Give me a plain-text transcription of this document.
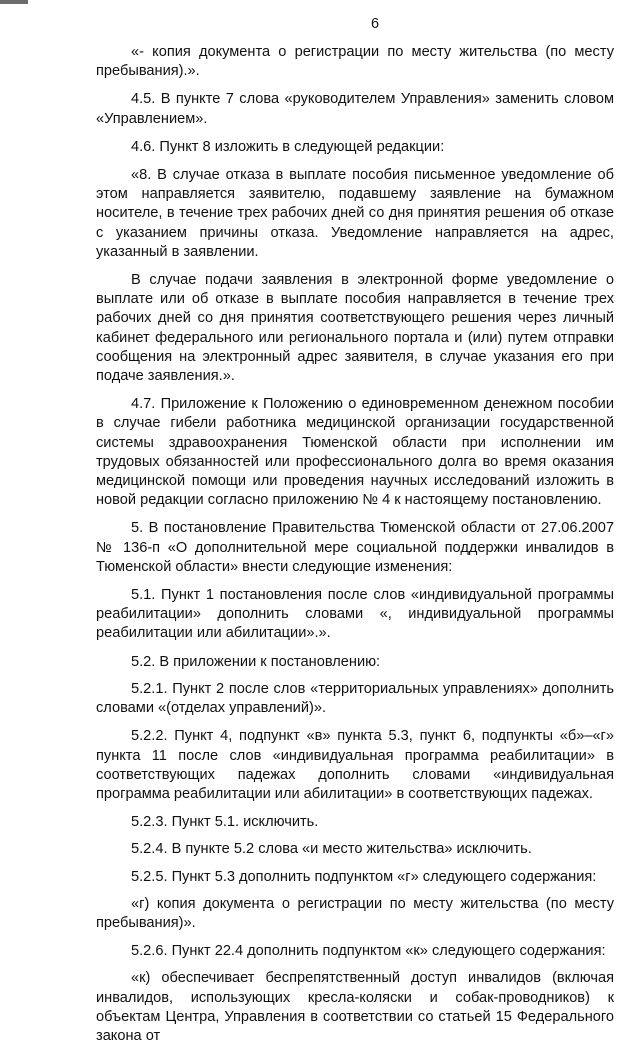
6

«- копия документа о регистрации по месту жительства (по месту пребывания).».

4.5. В пункте 7 слова «руководителем Управления» заменить словом «Управлением».

4.6. Пункт 8 изложить в следующей редакции:

«8. В случае отказа в выплате пособия письменное уведомление об этом направляется заявителю, подавшему заявление на бумажном носителе, в течение трех рабочих дней со дня принятия решения об отказе с указанием причины отказа. Уведомление направляется на адрес, указанный в заявлении.

В случае подачи заявления в электронной форме уведомление о выплате или об отказе в выплате пособия направляется в течение трех рабочих дней со дня принятия соответствующего решения через личный кабинет федерального или регионального портала и (или) путем отправки сообщения на электронный адрес заявителя, в случае указания его при подаче заявления.».

4.7. Приложение к Положению о единовременном денежном пособии в случае гибели работника медицинской организации государственной системы здравоохранения Тюменской области при исполнении им трудовых обязанностей или профессионального долга во время оказания медицинской помощи или проведения научных исследований изложить в новой редакции согласно приложению № 4 к настоящему постановлению.

5. В постановление Правительства Тюменской области от 27.06.2007 № 136-п «О дополнительной мере социальной поддержки инвалидов в Тюменской области» внести следующие изменения:

5.1. Пункт 1 постановления после слов «индивидуальной программы реабилитации» дополнить словами «, индивидуальной программы реабилитации или абилитации».».

5.2. В приложении к постановлению:

5.2.1. Пункт 2 после слов «территориальных управлениях» дополнить словами «(отделах управлений)».

5.2.2. Пункт 4, подпункт «в» пункта 5.3, пункт 6, подпункты «б»–«г» пункта 11 после слов «индивидуальная программа реабилитации» в соответствующих падежах дополнить словами «индивидуальная программа реабилитации или абилитации» в соответствующих падежах.

5.2.3. Пункт 5.1. исключить.

5.2.4. В пункте 5.2 слова «и место жительства» исключить.

5.2.5. Пункт 5.3 дополнить подпунктом «г» следующего содержания:

«г) копия документа о регистрации по месту жительства (по месту пребывания)».

5.2.6. Пункт 22.4 дополнить подпунктом «к» следующего содержания:

«к) обеспечивает беспрепятственный доступ инвалидов (включая инвалидов, использующих кресла-коляски и собак-проводников) к объектам Центра, Управления в соответствии со статьей 15 Федерального закона от
